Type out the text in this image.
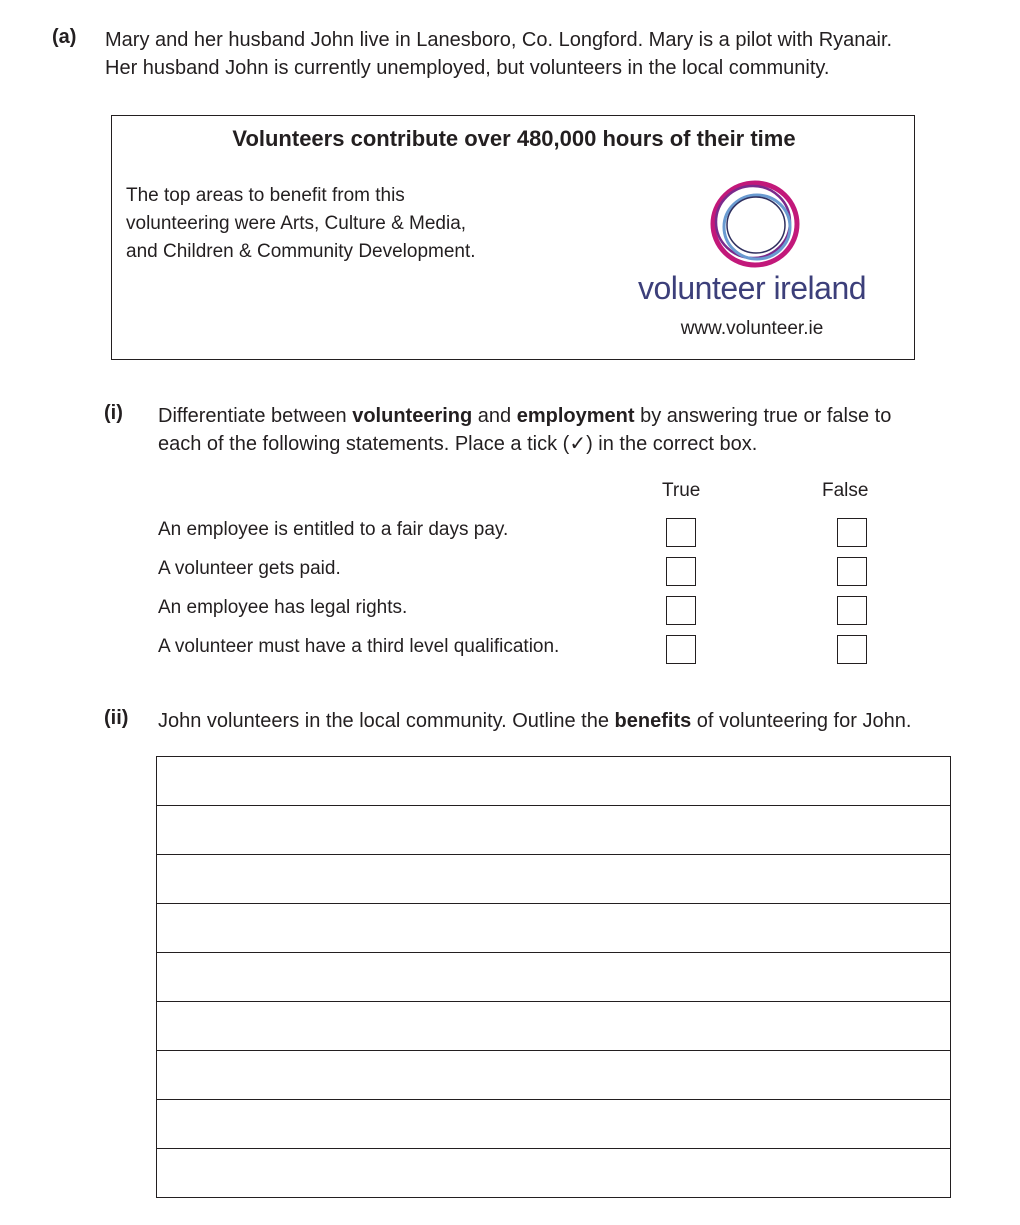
(a) Mary and her husband John live in Lanesboro, Co. Longford. Mary is a pilot with Ryanair.
Her husband John is currently unemployed, but volunteers in the local community.
Volunteers contribute over 480,000 hours of their time
The top areas to benefit from this
volunteering were Arts, Culture & Media,
and Children & Community Development.
volunteer ireland
www.volunteer.ie
(i) Differentiate between volunteering and employment by answering true or false to
each of the following statements. Place a tick (✓) in the correct box.
True	False
An employee is entitled to a fair days pay.
A volunteer gets paid.
An employee has legal rights.
A volunteer must have a third level qualification.
(ii) John volunteers in the local community. Outline the benefits of volunteering for John.
